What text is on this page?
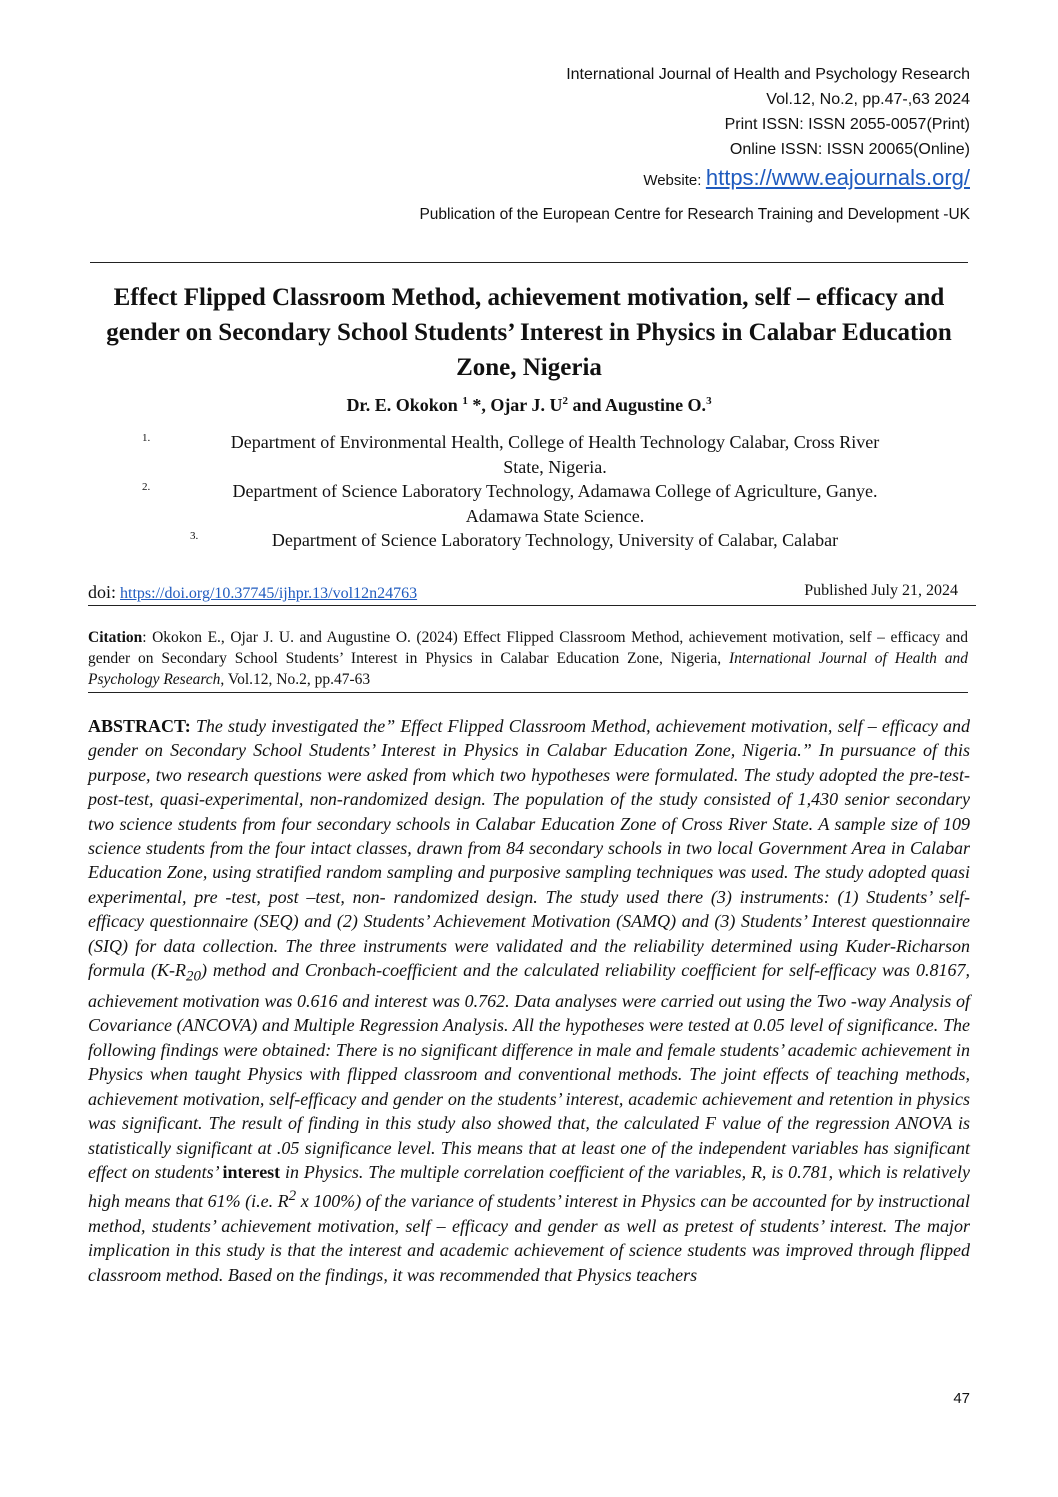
International Journal of Health and Psychology Research
Vol.12, No.2, pp.47-,63 2024
Print ISSN: ISSN 2055-0057(Print)
Online ISSN: ISSN 20065(Online)
Website: https://www.eajournals.org/
Publication of the European Centre for Research Training and Development -UK
Effect Flipped Classroom Method, achievement motivation, self – efficacy and gender on Secondary School Students’ Interest in Physics in Calabar Education Zone, Nigeria
Dr. E. Okokon $^1$ *, Ojar J. $U^2$ and Augustine O.$^3$
1.	Department of Environmental Health, College of Health Technology Calabar, Cross River
State, Nigeria.
2.	Department of Science Laboratory Technology, Adamawa College of Agriculture, Ganye.
Adamawa State Science.
3.	Department of Science Laboratory Technology, University of Calabar, Calabar
doi: https://doi.org/10.37745/ijhpr.13/vol12n24763	Published July 21, 2024
Citation: Okokon E., Ojar J. U. and Augustine O. (2024) Effect Flipped Classroom Method, achievement motivation, self – efficacy and gender on Secondary School Students’ Interest in Physics in Calabar Education Zone, Nigeria, International Journal of Health and Psychology Research, Vol.12, No.2, pp.47-63

ABSTRACT: The study investigated the” Effect Flipped Classroom Method, achievement motivation, self – efficacy and gender on Secondary School Students’ Interest in Physics in Calabar Education Zone, Nigeria.” In pursuance of this purpose, two research questions were asked from which two hypotheses were formulated. The study adopted the pre-test-post-test, quasi-experimental, non-randomized design. The population of the study consisted of 1,430 senior secondary two science students from four secondary schools in Calabar Education Zone of Cross River State. A sample size of 109 science students from the four intact classes, drawn from 84 secondary schools in two local Government Area in Calabar Education Zone, using stratified random sampling and purposive sampling techniques was used. The study adopted quasi experimental, pre -test, post –test, non- randomized design. The study used there (3) instruments: (1) Students’ self-efficacy questionnaire (SEQ) and (2) Students’ Achievement Motivation (SAMQ) and (3) Students’ Interest questionnaire (SIQ) for data collection. The three instruments were validated and the reliability determined using Kuder-Richarson formula $(K-R_{20})$ method and Cronbach-coefficient and the calculated reliability coefficient for self-efficacy was 0.8167, achievement motivation was 0.616 and interest was 0.762. Data analyses were carried out using the Two -way Analysis of Covariance (ANCOVA) and Multiple Regression Analysis. All the hypotheses were tested at 0.05 level of significance. The following findings were obtained: There is no significant difference in male and female students’ academic achievement in Physics when taught Physics with flipped classroom and conventional methods. The joint effects of teaching methods, achievement motivation, self-efficacy and gender on the students’ interest, academic achievement and retention in physics was significant. The result of finding in this study also showed that, the calculated F value of the regression ANOVA is statistically significant at .05 significance level. This means that at least one of the independent variables has significant effect on students’ interest in Physics. The multiple correlation coefficient of the variables, R, is 0.781, which is relatively high means that 61% (i.e. $R^2$ x 100%) of the variance of students’ interest in Physics can be accounted for by instructional method, students’ achievement motivation, self – efficacy and gender as well as pretest of students’ interest. The major implication in this study is that the interest and academic achievement of science students was improved through flipped classroom method. Based on the findings, it was recommended that Physics teachers

47
